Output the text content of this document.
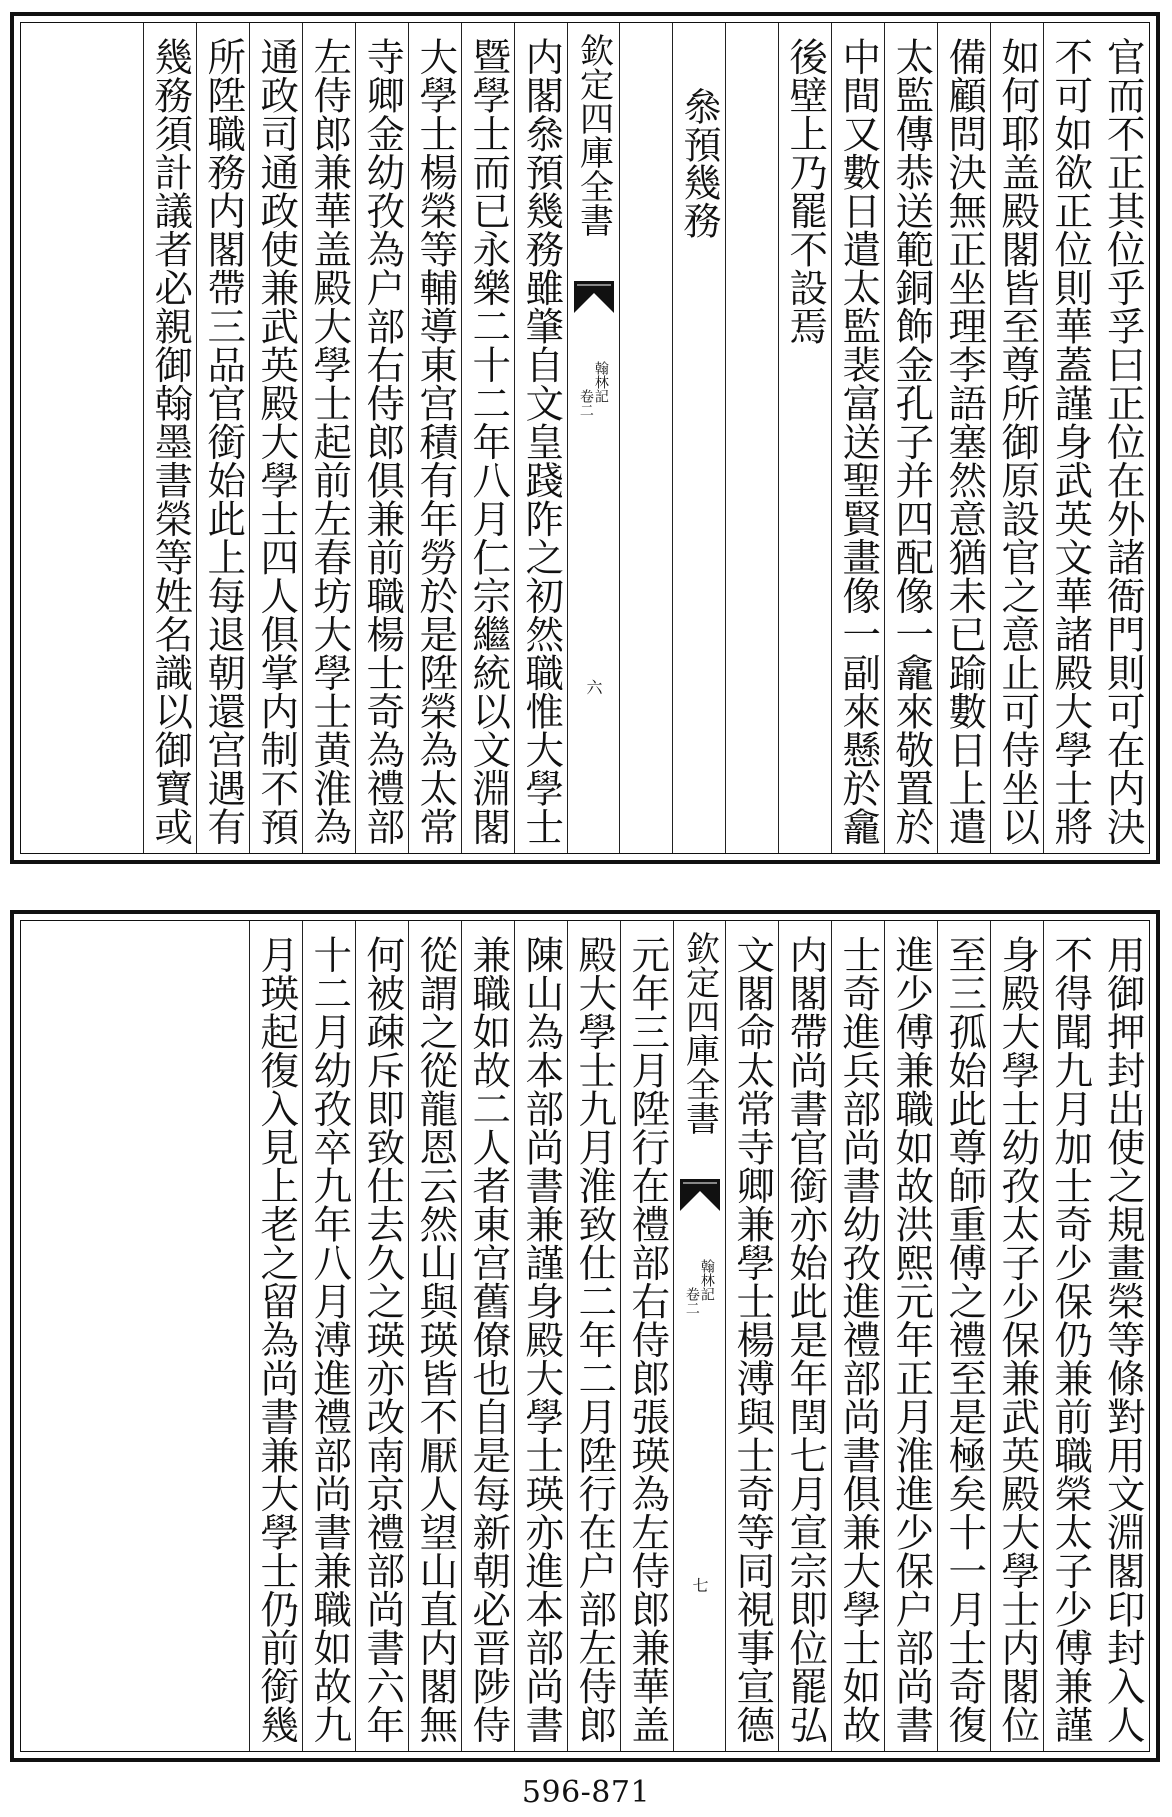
官而不正其位乎孚曰正位在外諸衙門則可在内決
不可如欲正位則華蓋謹身武英文華諸殿大學士將
如何耶盖殿閣皆至尊所御原設官之意止可侍坐以
備顧問決無正坐理李語塞然意猶未已踰數日上遣
太監傳恭送範銅飾金孔子并四配像一龕來敬置於
中間又數日遣太監裴富送聖賢畫像一副來懸於龕
後壁上乃罷不設焉
叅預幾務
欽定四庫全書
翰林記
卷二
六
内閣叅預幾務雖肇自文皇踐阼之初然職惟大學士
暨學士而已永樂二十二年八月仁宗繼統以文淵閣
大學士楊榮等輔導東宫積有年勞於是陞榮為太常
寺卿金幼孜為户部右侍郎俱兼前職楊士奇為禮部
左侍郎兼華盖殿大學士起前左春坊大學士黄淮為
通政司通政使兼武英殿大學士四人俱掌内制不預
所陞職務内閣帶三品官銜始此上每退朝還宫遇有
幾務須計議者必親御翰墨書榮等姓名識以御寶或
用御押封出使之規畫榮等條對用文淵閣印封入人
不得聞九月加士奇少保仍兼前職榮太子少傅兼謹
身殿大學士幼孜太子少保兼武英殿大學士内閣位
至三孤始此尊師重傅之禮至是極矣十一月士奇復
進少傅兼職如故洪熙元年正月淮進少保户部尚書
士奇進兵部尚書幼孜進禮部尚書俱兼大學士如故
内閣帶尚書官銜亦始此是年閏七月宣宗即位罷弘
文閣命太常寺卿兼學士楊溥與士奇等同視事宣德
欽定四庫全書
翰林記
卷二
七
元年三月陞行在禮部右侍郎張瑛為左侍郎兼華盖
殿大學士九月淮致仕二年二月陞行在户部左侍郎
陳山為本部尚書兼謹身殿大學士瑛亦進本部尚書
兼職如故二人者東宫舊僚也自是每新朝必晋陟侍
從謂之從龍恩云然山與瑛皆不厭人望山直内閣無
何被疎斥即致仕去久之瑛亦改南京禮部尚書六年
十二月幼孜卒九年八月溥進禮部尚書兼職如故九
月瑛起復入見上老之留為尚書兼大學士仍前銜幾
596-871
